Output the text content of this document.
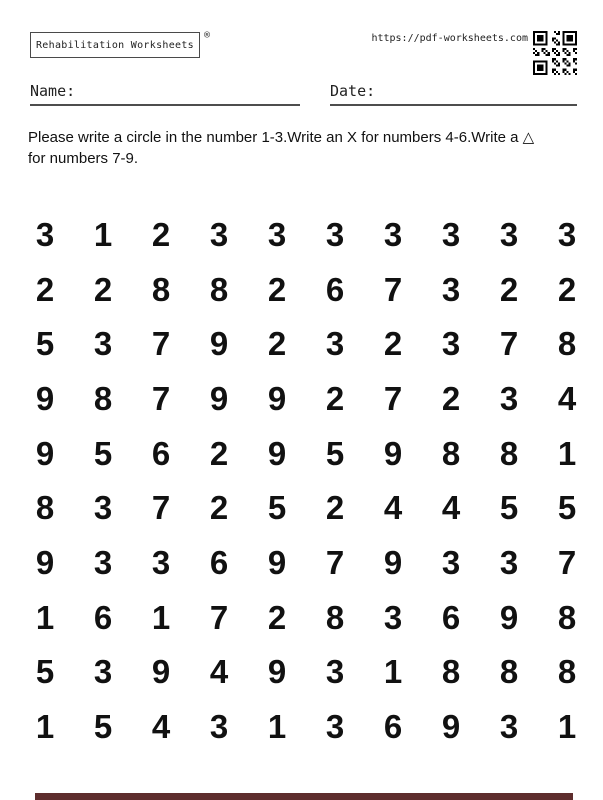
Rehabilitation Worksheets
®	https://pdf-worksheets.com
Name:	Date:
Please write a circle in the number 1-3.Write an X for numbers 4-6.Write a △
for numbers 7-9.
3 1 2 3 3 3 3 3 3 3
2 2 8 8 2 6 7 3 2 2
5 3 7 9 2 3 2 3 7 8
9 8 7 9 9 2 7 2 3 4
9 5 6 2 9 5 9 8 8 1
8 3 7 2 5 2 4 4 5 5
9 3 3 6 9 7 9 3 3 7
1 6 1 7 2 8 3 6 9 8
5 3 9 4 9 3 1 8 8 8
1 5 4 3 1 3 6 9 3 1
